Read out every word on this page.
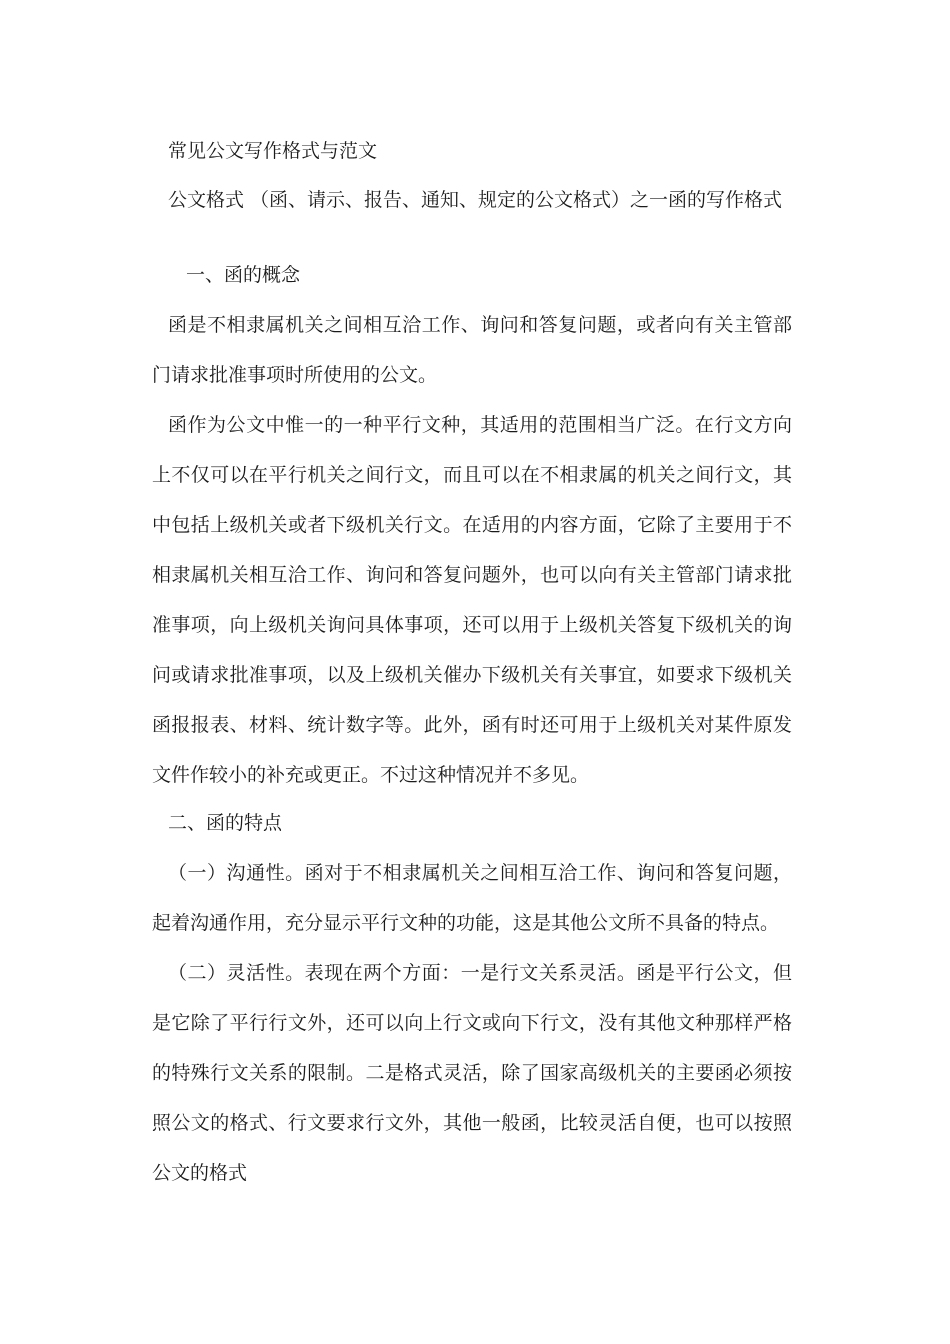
常见公文写作格式与范文
公文格式 （函、请示、报告、通知、规定的公文格式）之一函的写作格式
一、函的概念

函是不相隶属机关之间相互洽工作、询问和答复问题，或者向有关主管部门请求批准事项时所使用的公文。

函作为公文中惟一的一种平行文种，其适用的范围相当广泛。在行文方向上不仅可以在平行机关之间行文，而且可以在不相隶属的机关之间行文，其中包括上级机关或者下级机关行文。在适用的内容方面，它除了主要用于不相隶属机关相互洽工作、询问和答复问题外，也可以向有关主管部门请求批准事项，向上级机关询问具体事项，还可以用于上级机关答复下级机关的询问或请求批准事项，以及上级机关催办下级机关有关事宜，如要求下级机关函报报表、材料、统计数字等。此外，函有时还可用于上级机关对某件原发文件作较小的补充或更正。不过这种情况并不多见。

二、函的特点

（一）沟通性。函对于不相隶属机关之间相互洽工作、询问和答复问题，起着沟通作用，充分显示平行文种的功能，这是其他公文所不具备的特点。

（二）灵活性。表现在两个方面：一是行文关系灵活。函是平行公文，但是它除了平行行文外，还可以向上行文或向下行文，没有其他文种那样严格的特殊行文关系的限制。二是格式灵活，除了国家高级机关的主要函必须按照公文的格式、行文要求行文外，其他一般函，比较灵活自便，也可以按照公文的格式
